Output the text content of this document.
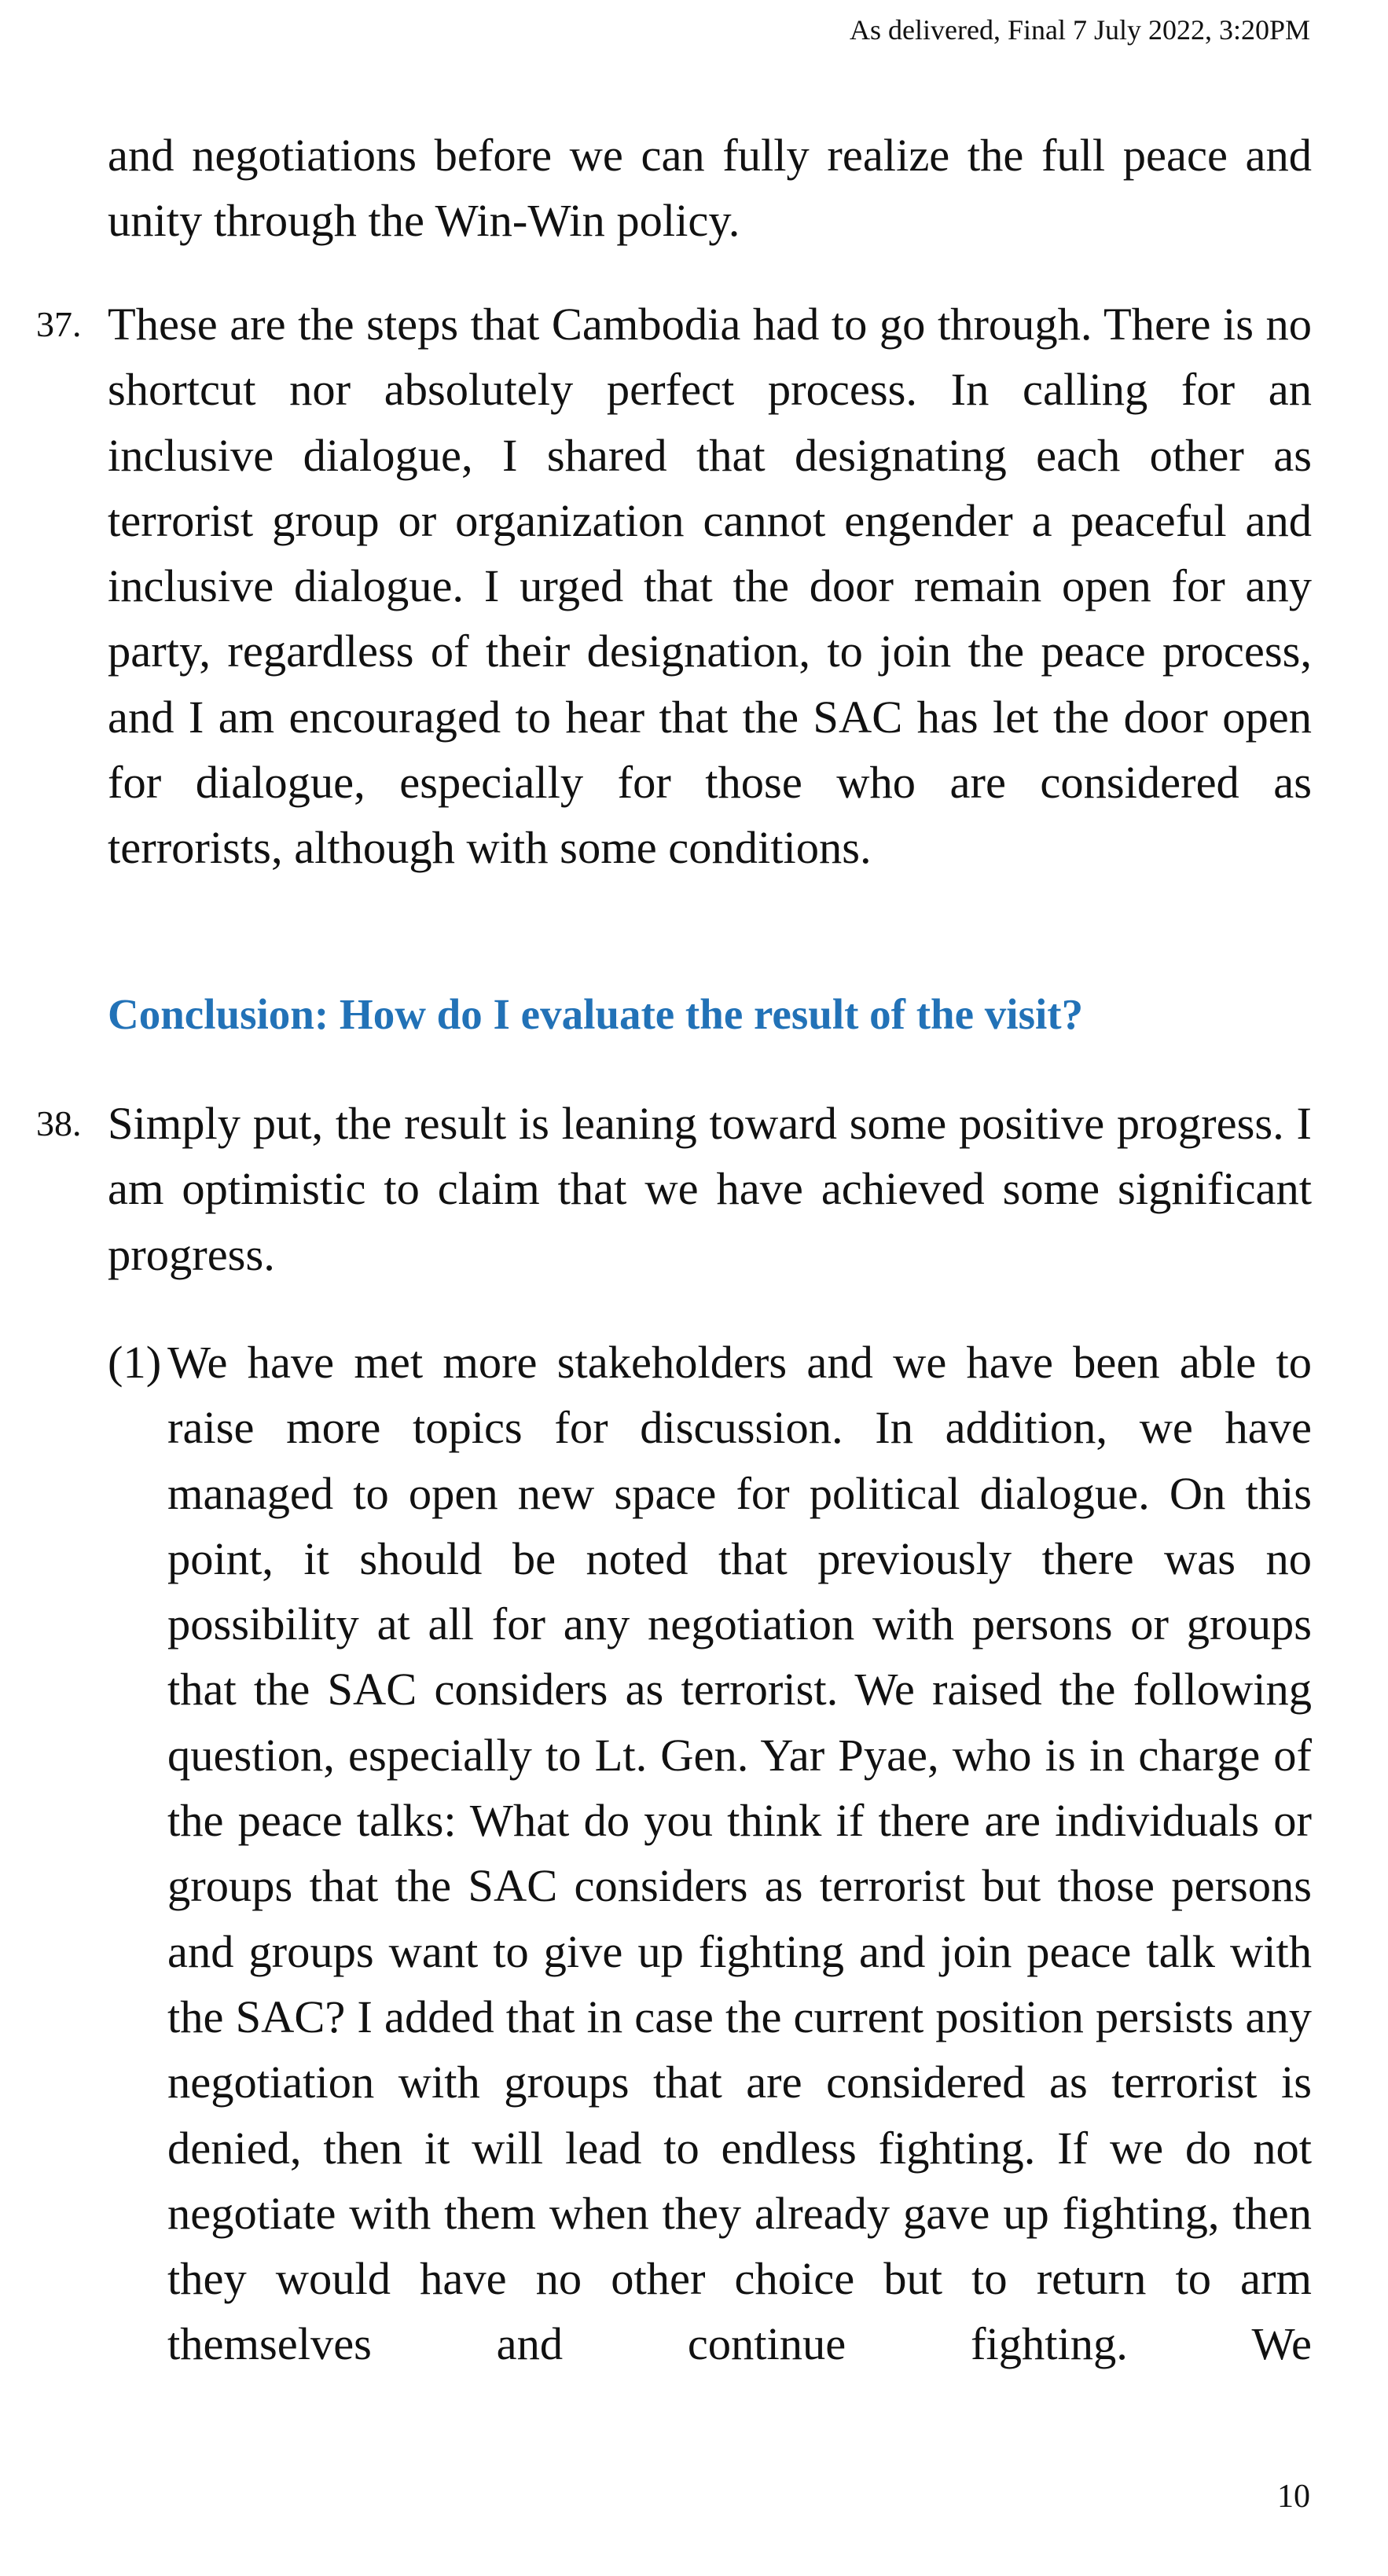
As delivered, Final 7 July 2022, 3:20PM
and negotiations before we can fully realize the full peace and unity through the Win-Win policy.
37. These are the steps that Cambodia had to go through. There is no shortcut nor absolutely perfect process. In calling for an inclusive dialogue, I shared that designating each other as terrorist group or organization cannot engender a peaceful and inclusive dialogue. I urged that the door remain open for any party, regardless of their designation, to join the peace process, and I am encouraged to hear that the SAC has let the door open for dialogue, especially for those who are considered as terrorists, although with some conditions.
Conclusion: How do I evaluate the result of the visit?
38. Simply put, the result is leaning toward some positive progress. I am optimistic to claim that we have achieved some significant progress.
(1) We have met more stakeholders and we have been able to raise more topics for discussion. In addition, we have managed to open new space for political dialogue. On this point, it should be noted that previously there was no possibility at all for any negotiation with persons or groups that the SAC considers as terrorist. We raised the following question, especially to Lt. Gen. Yar Pyae, who is in charge of the peace talks: What do you think if there are individuals or groups that the SAC considers as terrorist but those persons and groups want to give up fighting and join peace talk with the SAC? I added that in case the current position persists any negotiation with groups that are considered as terrorist is denied, then it will lead to endless fighting. If we do not negotiate with them when they already gave up fighting, then they would have no other choice but to return to arm themselves and continue fighting. We
10
